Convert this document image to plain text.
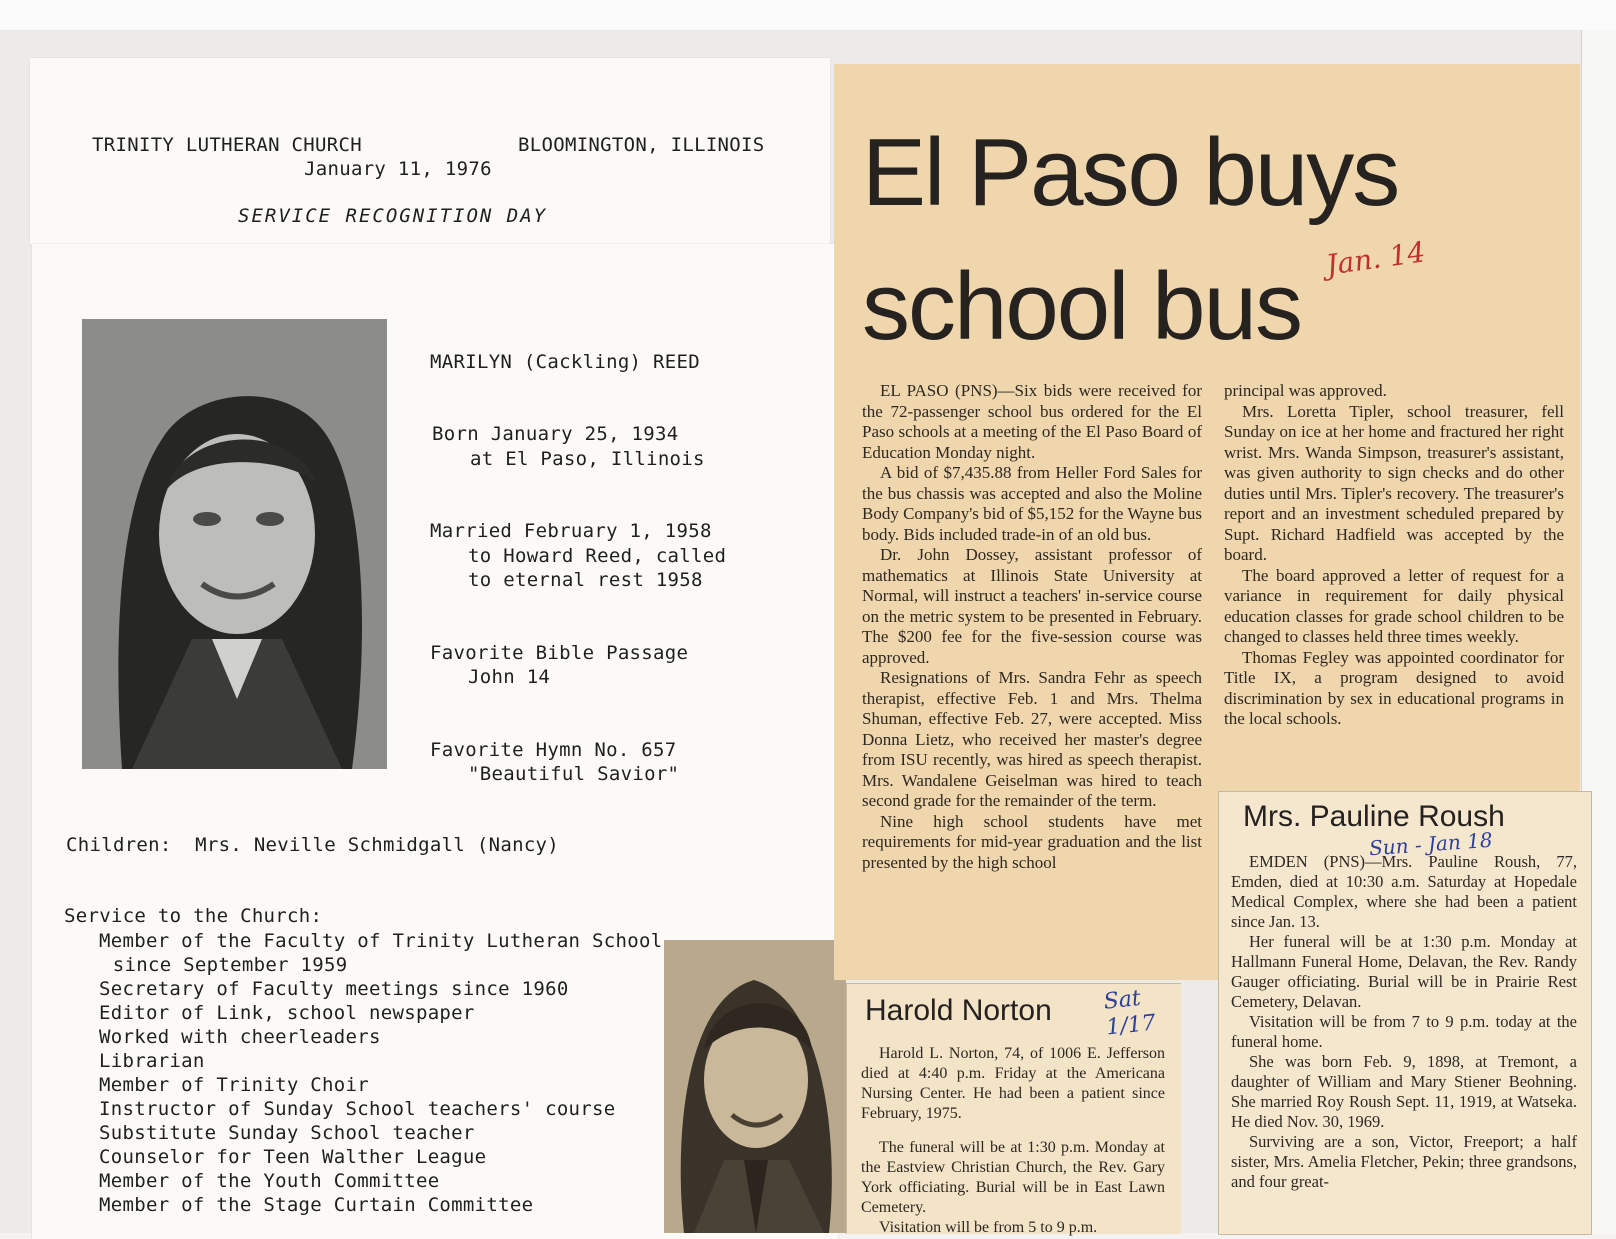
TRINITY LUTHERAN CHURCH	BLOOMINGTON, ILLINOIS
January 11, 1976
SERVICE RECOGNITION DAY
MARILYN (Cackling) REED
Born January 25, 1934
at El Paso, Illinois
Married February 1, 1958
to Howard Reed, called
to eternal rest 1958
Favorite Bible Passage
John 14
Favorite Hymn No. 657
"Beautiful Savior"
Children:  Mrs. Neville Schmidgall (Nancy)
Service to the Church:
Member of the Faculty of Trinity Lutheran School
since September 1959
Secretary of Faculty meetings since 1960
Editor of Link, school newspaper
Worked with cheerleaders
Librarian
Member of Trinity Choir
Instructor of Sunday School teachers' course
Substitute Sunday School teacher
Counselor for Teen Walther League
Member of the Youth Committee
Member of the Stage Curtain Committee
El Paso buys
school bus Jan. 14

EL PASO (PNS)—Six bids were received for the 72-passenger school bus ordered for the El Paso schools at a meeting of the El Paso Board of Education Monday night.

A bid of $7,435.88 from Heller Ford Sales for the bus chassis was accepted and also the Moline Body Company's bid of $5,152 for the Wayne bus body. Bids included trade-in of an old bus.

Dr. John Dossey, assistant professor of mathematics at Illinois State University at Normal, will instruct a teachers' in-service course on the metric system to be presented in February. The $200 fee for the five-session course was approved.

Resignations of Mrs. Sandra Fehr as speech therapist, effective Feb. 1 and Mrs. Thelma Shuman, effective Feb. 27, were accepted. Miss Donna Lietz, who received her master's degree from ISU recently, was hired as speech therapist. Mrs. Wandalene Geiselman was hired to teach second grade for the remainder of the term.

Nine high school students have met requirements for mid-year graduation and the list presented by the high school

principal was approved.

Mrs. Loretta Tipler, school treasurer, fell Sunday on ice at her home and fractured her right wrist. Mrs. Wanda Simpson, treasurer's assistant, was given authority to sign checks and do other duties until Mrs. Tipler's recovery. The treasurer's report and an investment scheduled prepared by Supt. Richard Hadfield was accepted by the board.

The board approved a letter of request for a variance in requirement for daily physical education classes for grade school children to be changed to classes held three times weekly.

Thomas Fegley was appointed coordinator for Title IX, a program designed to avoid discrimination by sex in educational programs in the local schools.

Harold Norton Sat 1/17

Harold L. Norton, 74, of 1006 E. Jefferson died at 4:40 p.m. Friday at the Americana Nursing Center. He had been a patient since February, 1975.

The funeral will be at 1:30 p.m. Monday at the Eastview Christian Church, the Rev. Gary York officiating. Burial will be in East Lawn Cemetery.

Visitation will be from 5 to 9 p.m.

Mrs. Pauline Roush
Sun - Jan 18

EMDEN (PNS)—Mrs. Pauline Roush, 77, Emden, died at 10:30 a.m. Saturday at Hopedale Medical Complex, where she had been a patient since Jan. 13.

Her funeral will be at 1:30 p.m. Monday at Hallmann Funeral Home, Delavan, the Rev. Randy Gauger officiating. Burial will be in Prairie Rest Cemetery, Delavan.

Visitation will be from 7 to 9 p.m. today at the funeral home.

She was born Feb. 9, 1898, at Tremont, a daughter of William and Mary Stiener Beohning. She married Roy Roush Sept. 11, 1919, at Watseka. He died Nov. 30, 1969.

Surviving are a son, Victor, Freeport; a half sister, Mrs. Amelia Fletcher, Pekin; three grandsons, and four great-
